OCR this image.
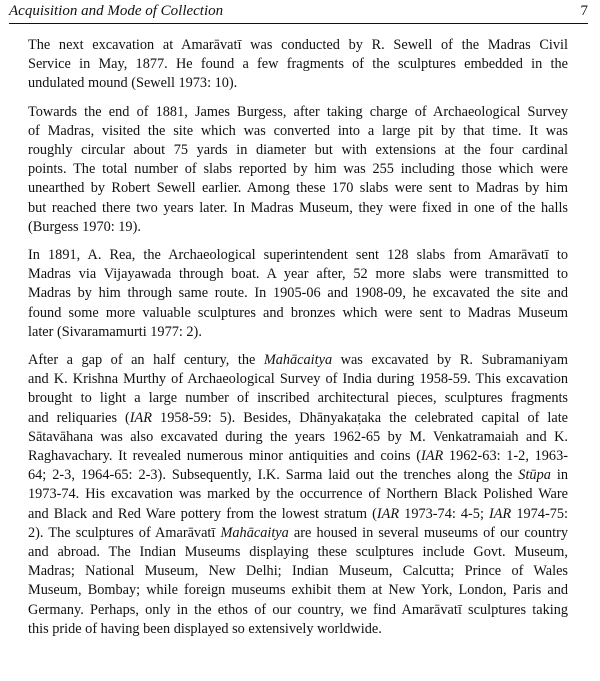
Acquisition and Mode of Collection	7

The next excavation at Amarāvatī was conducted by R. Sewell of the Madras Civil
Service in May, 1877. He found a few fragments of the sculptures embedded in the
undulated mound (Sewell 1973: 10).

Towards the end of 1881, James Burgess, after taking charge of Archaeological Survey
of Madras, visited the site which was converted into a large pit by that time. It was
roughly circular about 75 yards in diameter but with extensions at the four cardinal
points. The total number of slabs reported by him was 255 including those which were
unearthed by Robert Sewell earlier. Among these 170 slabs were sent to Madras by him
but reached there two years later. In Madras Museum, they were fixed in one of the halls
(Burgess 1970: 19).

In 1891, A. Rea, the Archaeological superintendent sent 128 slabs from Amarāvatī to
Madras via Vijayawada through boat. A year after, 52 more slabs were transmitted to
Madras by him through same route. In 1905-06 and 1908-09, he excavated the site and
found some more valuable sculptures and bronzes which were sent to Madras Museum
later (Sivaramamurti 1977: 2).

After a gap of an half century, the Mahācaitya was excavated by R. Subramaniyam
and K. Krishna Murthy of Archaeological Survey of India during 1958-59. This excavation
brought to light a large number of inscribed architectural pieces, sculptures fragments
and reliquaries (IAR 1958-59: 5). Besides, Dhānyakaṭaka the celebrated capital of late
Sātavāhana was also excavated during the years 1962-65 by M. Venkatramaiah and K.
Raghavachary. It revealed numerous minor antiquities and coins (IAR 1962-63: 1-2, 1963-
64; 2-3, 1964-65: 2-3). Subsequently, I.K. Sarma laid out the trenches along the Stūpa in
1973-74. His excavation was marked by the occurrence of Northern Black Polished Ware
and Black and Red Ware pottery from the lowest stratum (IAR 1973-74: 4-5; IAR 1974-75:
2). The sculptures of Amarāvatī Mahācaitya are housed in several museums of our country
and abroad. The Indian Museums displaying these sculptures include Govt. Museum,
Madras; National Museum, New Delhi; Indian Museum, Calcutta; Prince of Wales
Museum, Bombay; while foreign museums exhibit them at New York, London, Paris and
Germany. Perhaps, only in the ethos of our country, we find Amarāvatī sculptures taking
this pride of having been displayed so extensively worldwide.
